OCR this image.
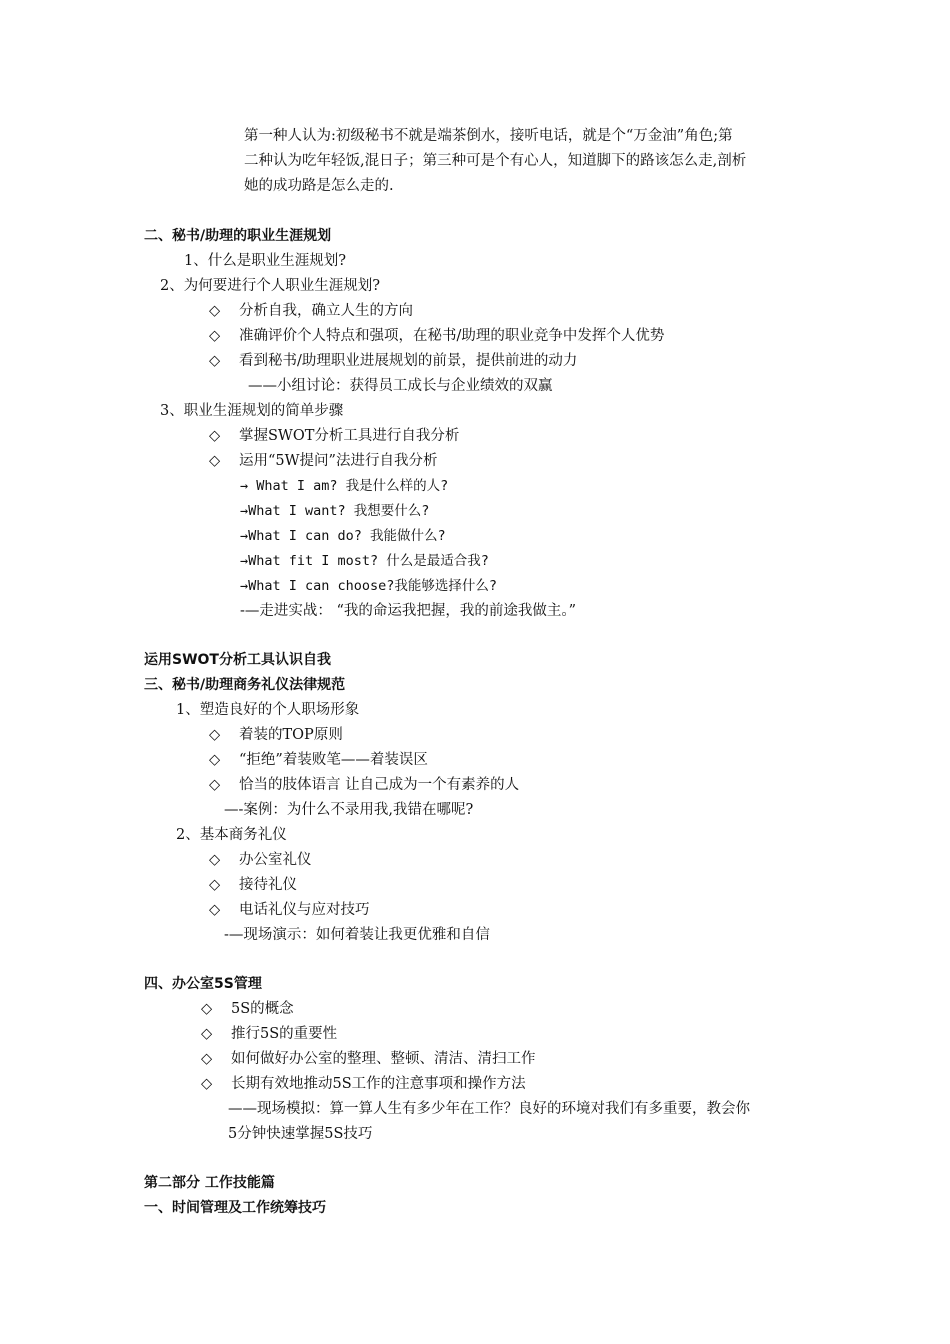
第一种人认为:初级秘书不就是端茶倒水，接听电话，就是个“万金油”角色;第
二种认为吃年轻饭,混日子；第三种可是个有心人，知道脚下的路该怎么走,剖析
她的成功路是怎么走的.
二、秘书/助理的职业生涯规划
1、什么是职业生涯规划?
2、为何要进行个人职业生涯规划?
◇ 分析自我，确立人生的方向
◇ 准确评价个人特点和强项，在秘书/助理的职业竞争中发挥个人优势
◇ 看到秘书/助理职业进展规划的前景，提供前进的动力
——小组讨论：获得员工成长与企业绩效的双赢
3、职业生涯规划的简单步骤
◇ 掌握SWOT分析工具进行自我分析
◇ 运用“5W提问”法进行自我分析
→ What I am? 我是什么样的人?
→What I want? 我想要什么?
→What I can do? 我能做什么?
→What fit I most? 什么是最适合我?
→What I can choose?我能够选择什么?
-—走进实战： “我的命运我把握，我的前途我做主。”
运用SWOT分析工具认识自我
三、秘书/助理商务礼仪法律规范
1、塑造良好的个人职场形象
◇ 着装的TOP原则
◇ “拒绝”着装败笔——着装误区
◇ 恰当的肢体语言 让自己成为一个有素养的人
—-案例：为什么不录用我,我错在哪呢?
2、基本商务礼仪
◇ 办公室礼仪
◇ 接待礼仪
◇ 电话礼仪与应对技巧
-—现场演示：如何着装让我更优雅和自信
四、办公室5S管理
◇ 5S的概念
◇ 推行5S的重要性
◇ 如何做好办公室的整理、整顿、清洁、清扫工作
◇ 长期有效地推动5S工作的注意事项和操作方法
——现场模拟：算一算人生有多少年在工作？良好的环境对我们有多重要，教会你
5分钟快速掌握5S技巧
第二部分 工作技能篇
一、时间管理及工作统筹技巧
